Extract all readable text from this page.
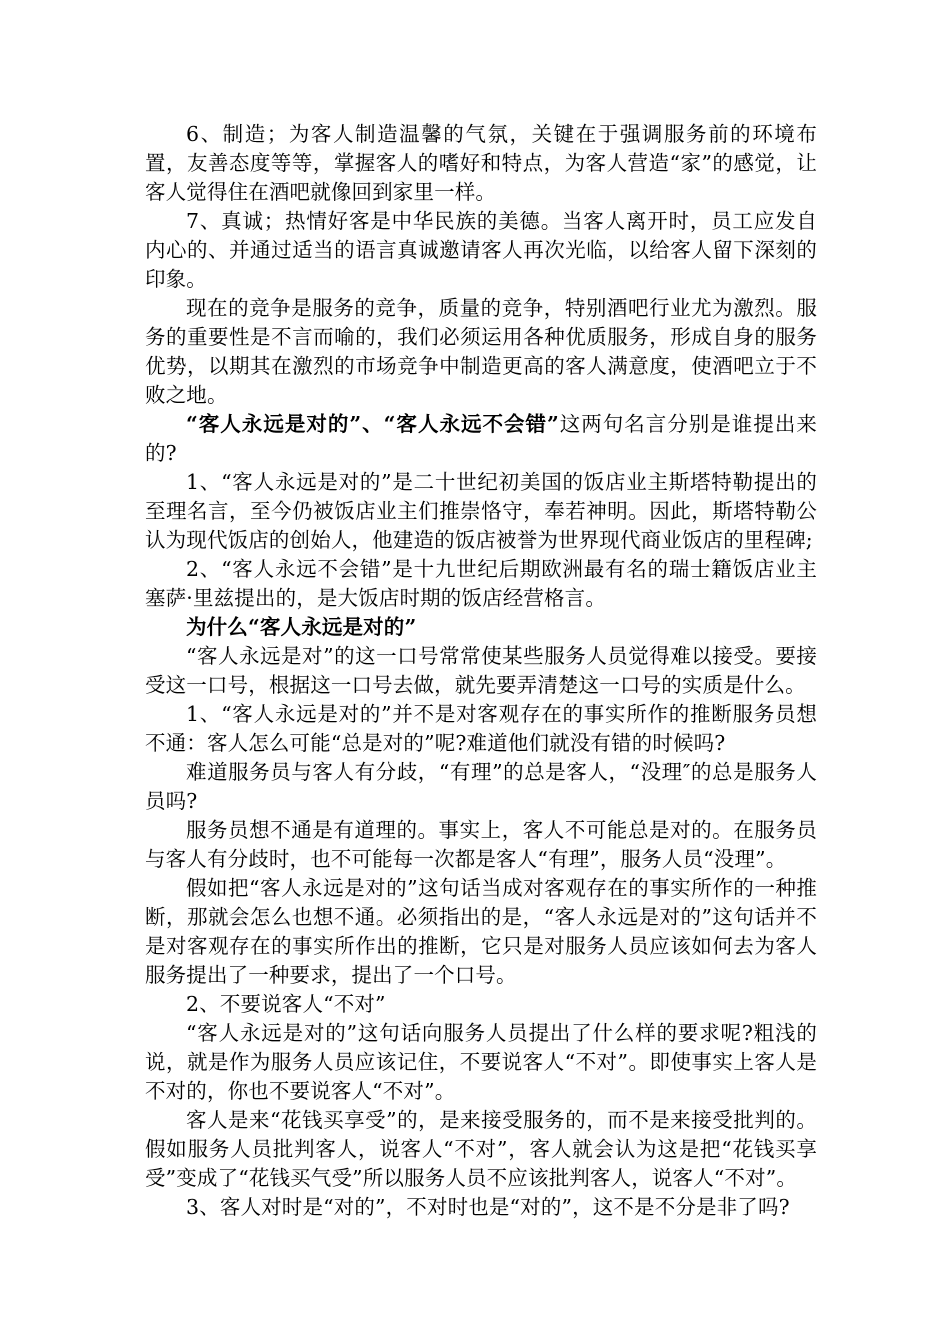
6、制造；为客人制造温馨的气氛，关键在于强调服务前的环境布置，友善态度等等，掌握客人的嗜好和特点，为客人营造“家”的感觉，让客人觉得住在酒吧就像回到家里一样。

7、真诚；热情好客是中华民族的美德。当客人离开时，员工应发自内心的、并通过适当的语言真诚邀请客人再次光临，以给客人留下深刻的印象。

现在的竞争是服务的竞争，质量的竞争，特别酒吧行业尤为激烈。服务的重要性是不言而喻的，我们必须运用各种优质服务，形成自身的服务优势，以期其在激烈的市场竞争中制造更高的客人满意度，使酒吧立于不败之地。

“客人永远是对的”、“客人永远不会错”这两句名言分别是谁提出来的?

1、“客人永远是对的”是二十世纪初美国的饭店业主斯塔特勒提出的至理名言，至今仍被饭店业主们推崇恪守，奉若神明。因此，斯塔特勒公认为现代饭店的创始人，他建造的饭店被誉为世界现代商业饭店的里程碑;

2、“客人永远不会错”是十九世纪后期欧洲最有名的瑞士籍饭店业主塞萨·里兹提出的，是大饭店时期的饭店经营格言。

为什么“客人永远是对的”

“客人永远是对”的这一口号常常使某些服务人员觉得难以接受。要接受这一口号，根据这一口号去做，就先要弄清楚这一口号的实质是什么。

1、“客人永远是对的”并不是对客观存在的事实所作的推断服务员想不通：客人怎么可能“总是对的”呢?难道他们就没有错的时候吗?

难道服务员与客人有分歧，“有理”的总是客人，“没理″的总是服务人员吗?

服务员想不通是有道理的。事实上，客人不可能总是对的。在服务员与客人有分歧时，也不可能每一次都是客人“有理”，服务人员“没理”。

假如把“客人永远是对的”这句话当成对客观存在的事实所作的一种推断，那就会怎么也想不通。必须指出的是，“客人永远是对的”这句话并不是对客观存在的事实所作出的推断，它只是对服务人员应该如何去为客人服务提出了一种要求，提出了一个口号。

2、不要说客人“不对”

“客人永远是对的”这句话向服务人员提出了什么样的要求呢?粗浅的说，就是作为服务人员应该记住，不要说客人“不对”。即使事实上客人是不对的，你也不要说客人“不对”。

客人是来“花钱买享受”的，是来接受服务的，而不是来接受批判的。假如服务人员批判客人，说客人“不对”，客人就会认为这是把“花钱买享受”变成了“花钱买气受”所以服务人员不应该批判客人，说客人“不对”。

3、客人对时是“对的”，不对时也是“对的”，这不是不分是非了吗?
